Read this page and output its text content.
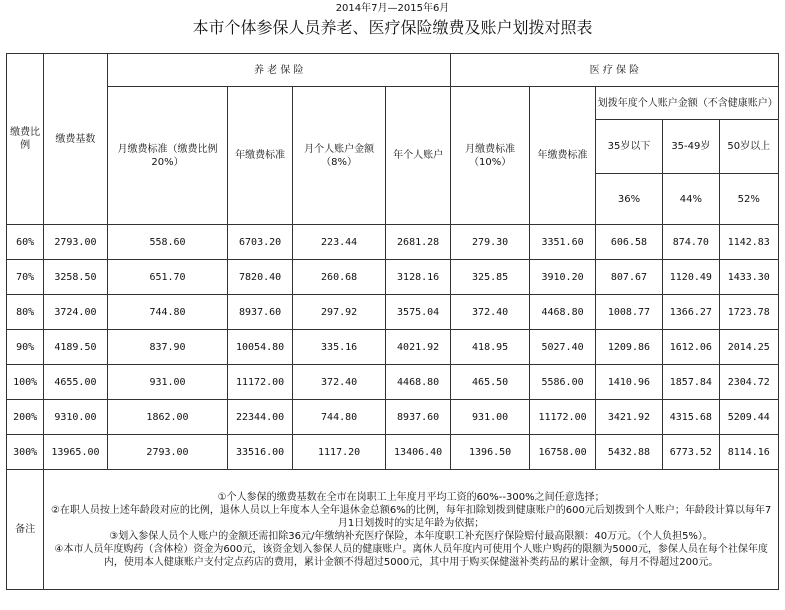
2014年7月—2015年6月
本市个体参保人员养老、医疗保险缴费及账户划拨对照表
缴费比例	缴费基数	养 老 保 险				医 疗 保 险				
		月缴费标准（缴费比例20%）	年缴费标准	月个人账户金额（8%）	年个人账户	月缴费标准（10%）	年缴费标准	划拨年度个人账户金额（不含健康账户）		
								35岁以下	35-49岁	50岁以上
								36%	44%	52%
60%	2793.00	558.60	6703.20	223.44	2681.28	279.30	3351.60	606.58	874.70	1142.83
70%	3258.50	651.70	7820.40	260.68	3128.16	325.85	3910.20	807.67	1120.49	1433.30
80%	3724.00	744.80	8937.60	297.92	3575.04	372.40	4468.80	1008.77	1366.27	1723.78
90%	4189.50	837.90	10054.80	335.16	4021.92	418.95	5027.40	1209.86	1612.06	2014.25
100%	4655.00	931.00	11172.00	372.40	4468.80	465.50	5586.00	1410.96	1857.84	2304.72
200%	9310.00	1862.00	22344.00	744.80	8937.60	931.00	11172.00	3421.92	4315.68	5209.44
300%	13965.00	2793.00	33516.00	1117.20	13406.40	1396.50	16758.00	5432.88	6773.52	8114.16
备注	①个人参保的缴费基数在全市在岗职工上年度月平均工资的60%--300%之间任意选择；
②在职人员按上述年龄段对应的比例，退休人员以上年度本人全年退休金总额6%的比例，每年扣除划拨到健康账户的600元后划拨到个人账户；年龄段计算以每年7月1日划拨时的实足年龄为依据；
③划入参保人员个人账户的金额还需扣除36元/年缴纳补充医疗保险，本年度职工补充医疗保险赔付最高限额：40万元。（个人负担5%）。
④本市人员年度购药（含体检）资金为600元，该资金划入参保人员的健康账户。离休人员年度内可使用个人账户购药的限额为5000元，参保人员在每个社保年度内，使用本人健康账户支付定点药店的费用，累计金额不得超过5000元，其中用于购买保健滋补类药品的累计金额，每月不得超过200元。									
